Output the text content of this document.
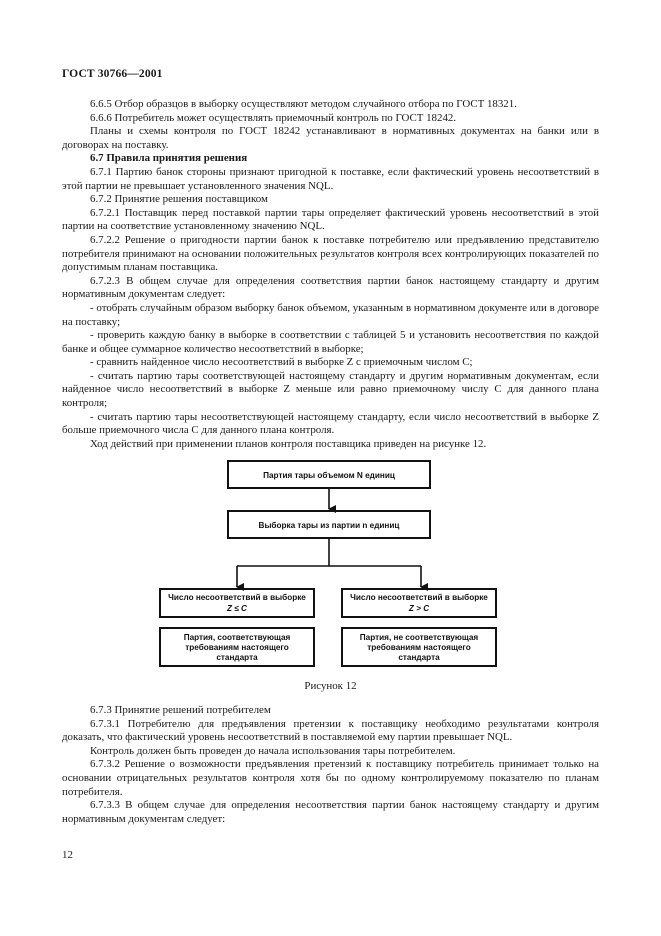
ГОСТ 30766—2001

6.6.5 Отбор образцов в выборку осуществляют методом случайного отбора по ГОСТ 18321.

6.6.6 Потребитель может осуществлять приемочный контроль по ГОСТ 18242.

Планы и схемы контроля по ГОСТ 18242 устанавливают в нормативных документах на банки или в договорах на поставку.

6.7 Правила принятия решения

6.7.1 Партию банок стороны признают пригодной к поставке, если фактический уровень несоответствий в этой партии не превышает установленного значения NQL.

6.7.2 Принятие решения поставщиком

6.7.2.1 Поставщик перед поставкой партии тары определяет фактический уровень несоответствий в этой партии на соответствие установленному значению NQL.

6.7.2.2 Решение о пригодности партии банок к поставке потребителю или предъявлению представителю потребителя принимают на основании положительных результатов контроля всех контролирующих показателей по допустимым планам поставщика.

6.7.2.3 В общем случае для определения соответствия партии банок настоящему стандарту и другим нормативным документам следует:

- отобрать случайным образом выборку банок объемом, указанным в нормативном документе или в договоре на поставку;

- проверить каждую банку в выборке в соответствии с таблицей 5 и установить несоответствия по каждой банке и общее суммарное количество несоответствий в выборке;

- сравнить найденное число несоответствий в выборке Z с приемочным числом C;

- считать партию тары соответствующей настоящему стандарту и другим нормативным документам, если найденное число несоответствий в выборке Z меньше или равно приемочному числу C для данного плана контроля;

- считать партию тары несоответствующей настоящему стандарту, если число несоответствий в выборке Z больше приемочного числа C для данного плана контроля.

Ход действий при применении планов контроля поставщика приведен на рисунке 12.

Партия тары объемом N единиц
Выборка тары из партии n единиц
Число несоответствий в выборке
Z ≤ C
Число несоответствий в выборке
Z > C
Партия, соответствующая
требованиям настоящего
стандарта
Партия, не соответствующая
требованиям настоящего
стандарта
Рисунок 12

6.7.3 Принятие решений потребителем

6.7.3.1 Потребителю для предъявления претензии к поставщику необходимо результатами контроля доказать, что фактический уровень несоответствий в поставляемой ему партии превышает NQL.

Контроль должен быть проведен до начала использования тары потребителем.

6.7.3.2 Решение о возможности предъявления претензий к поставщику потребитель принимает только на основании отрицательных результатов контроля хотя бы по одному контролируемому показателю по планам потребителя.

6.7.3.3 В общем случае для определения несоответствия партии банок настоящему стандарту и другим нормативным документам следует:

12
